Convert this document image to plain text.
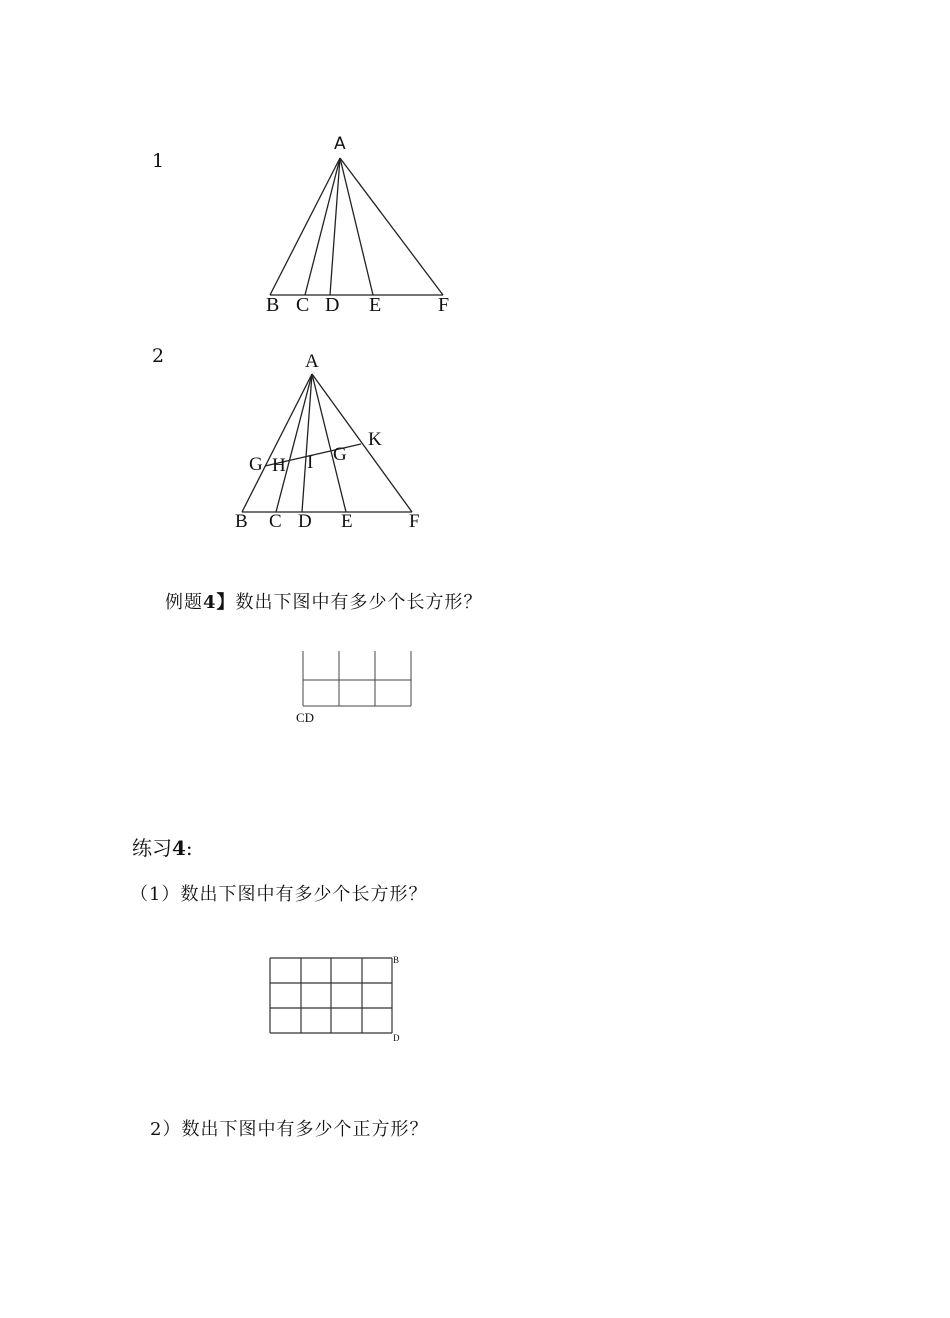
1
A
B C D E	F
2	A
G H I G
K
B C D E	F
例题4】数出下图中有多少个长方形？
CD
练习4:
（1）数出下图中有多少个长方形？
B
D
2）数出下图中有多少个正方形？
